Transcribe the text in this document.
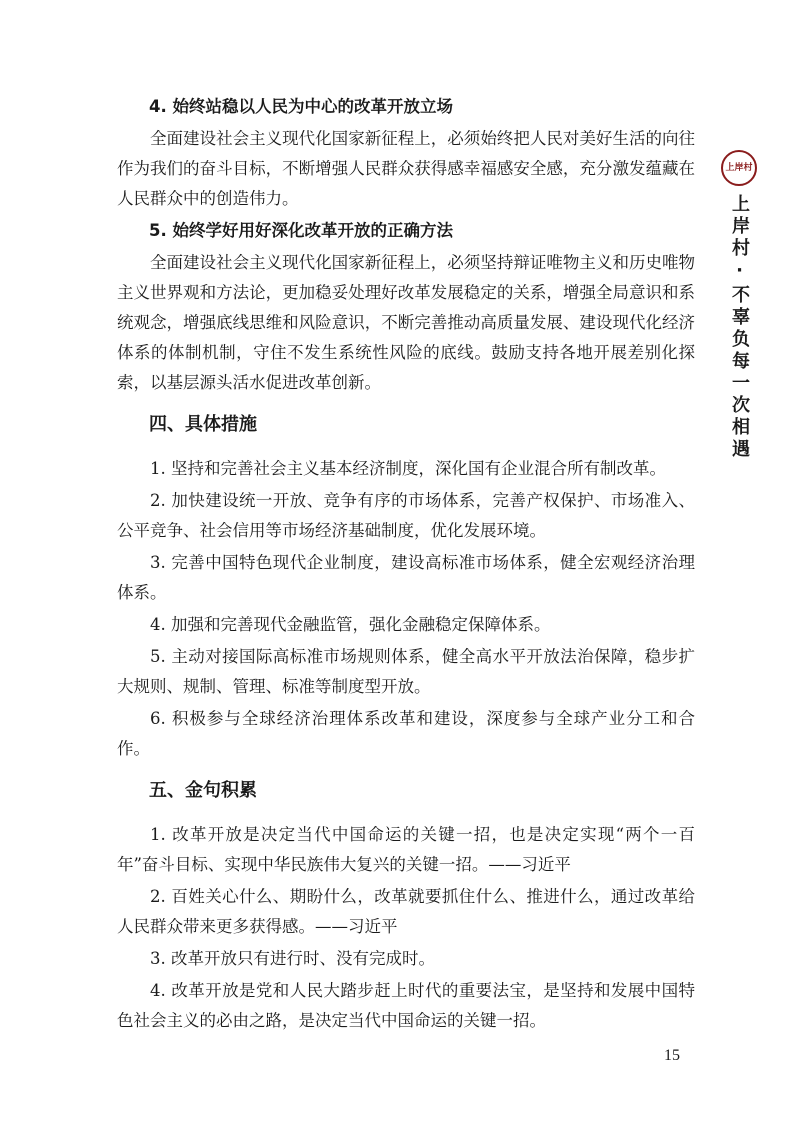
4. 始终站稳以人民为中心的改革开放立场

全面建设社会主义现代化国家新征程上，必须始终把人民对美好生活的向往作为我们的奋斗目标，不断增强人民群众获得感幸福感安全感，充分激发蕴藏在人民群众中的创造伟力。

5. 始终学好用好深化改革开放的正确方法

全面建设社会主义现代化国家新征程上，必须坚持辩证唯物主义和历史唯物主义世界观和方法论，更加稳妥处理好改革发展稳定的关系，增强全局意识和系统观念，增强底线思维和风险意识，不断完善推动高质量发展、建设现代化经济体系的体制机制，守住不发生系统性风险的底线。鼓励支持各地开展差别化探索，以基层源头活水促进改革创新。

四、具体措施

1. 坚持和完善社会主义基本经济制度，深化国有企业混合所有制改革。

2. 加快建设统一开放、竞争有序的市场体系，完善产权保护、市场准入、公平竞争、社会信用等市场经济基础制度，优化发展环境。

3. 完善中国特色现代企业制度，建设高标准市场体系，健全宏观经济治理体系。

4. 加强和完善现代金融监管，强化金融稳定保障体系。

5. 主动对接国际高标准市场规则体系，健全高水平开放法治保障，稳步扩大规则、规制、管理、标准等制度型开放。

6. 积极参与全球经济治理体系改革和建设，深度参与全球产业分工和合作。

五、金句积累

1. 改革开放是决定当代中国命运的关键一招，也是决定实现“两个一百年”奋斗目标、实现中华民族伟大复兴的关键一招。——习近平

2. 百姓关心什么、期盼什么，改革就要抓住什么、推进什么，通过改革给人民群众带来更多获得感。——习近平

3. 改革开放只有进行时、没有完成时。

4. 改革开放是党和人民大踏步赶上时代的重要法宝，是坚持和发展中国特色社会主义的必由之路，是决定当代中国命运的关键一招。

上岸村
上岸村·不辜负每一次相遇
15
